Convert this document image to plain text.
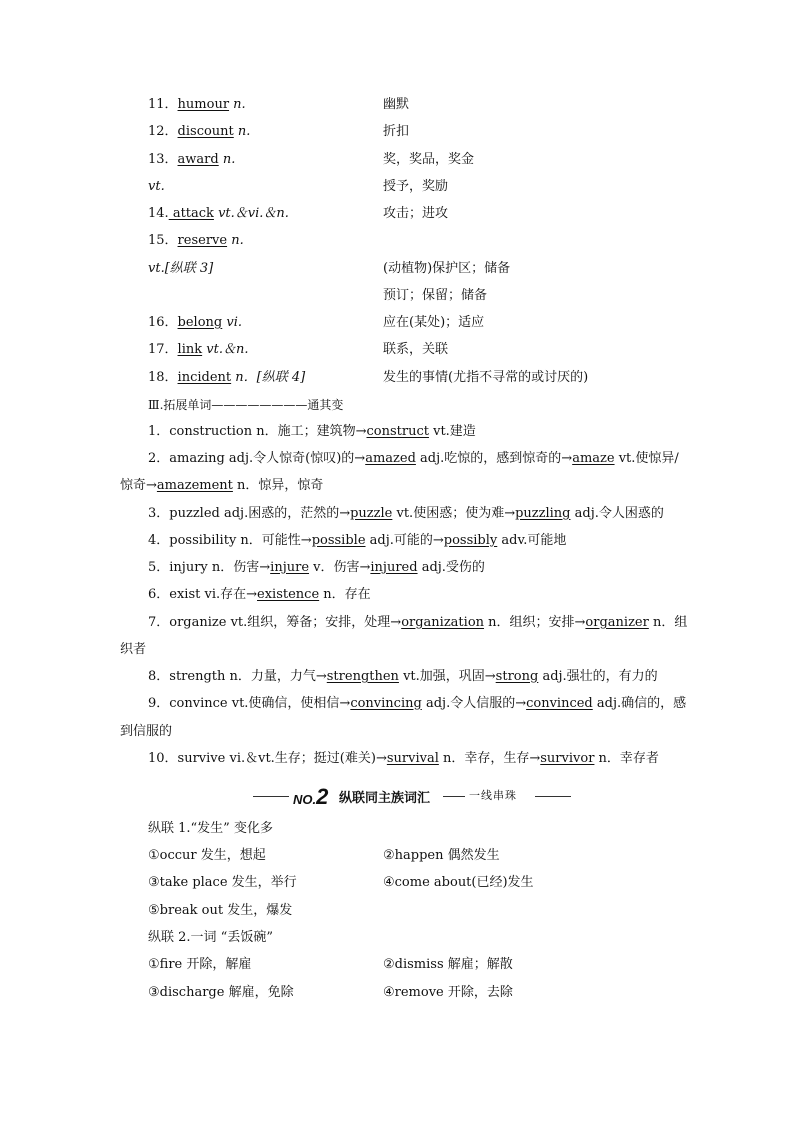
11．humour n.	幽默
12．discount n.	折扣
13．award n.	奖，奖品，奖金
vt.	授予，奖励
14. attack vt.＆vi.＆n.	攻击；进攻
15．reserve n.
vt.[纵联 3]	(动植物)保护区；储备
预订；保留；储备
16．belong vi.	应在(某处)；适应
17．link vt.＆n.	联系，关联
18．incident n．[纵联 4]	发生的事情(尤指不寻常的或讨厌的)
Ⅲ.拓展单词————————通其变
1．construction n．施工；建筑物→construct vt.建造
2．amazing adj.令人惊奇(惊叹)的→amazed adj.吃惊的，感到惊奇的→amaze vt.使惊异/
惊奇→amazement n．惊异，惊奇
3．puzzled adj.困惑的，茫然的→puzzle vt.使困惑；使为难→puzzling adj.令人困惑的
4．possibility n．可能性→possible adj.可能的→possibly adv.可能地
5．injury n．伤害→injure v．伤害→injured adj.受伤的
6．exist vi.存在→existence n．存在
7．organize vt.组织，筹备；安排，处理→organization n．组织；安排→organizer n．组
织者
8．strength n．力量，力气→strengthen vt.加强，巩固→strong adj.强壮的，有力的
9．convince vt.使确信，使相信→convincing adj.令人信服的→convinced adj.确信的，感
到信服的
10．survive vi.＆vt.生存；挺过(难关)→survival n．幸存，生存→survivor n．幸存者
NO.2 纵联同主族词汇	一线串珠
纵联 1.“发生” 变化多
①occur 发生，想起	②happen 偶然发生
③take place 发生，举行	④come about(已经)发生
⑤break out 发生，爆发
纵联 2.一词 “丢饭碗”
①fire 开除，解雇	②dismiss 解雇；解散
③discharge 解雇，免除	④remove 开除，去除
